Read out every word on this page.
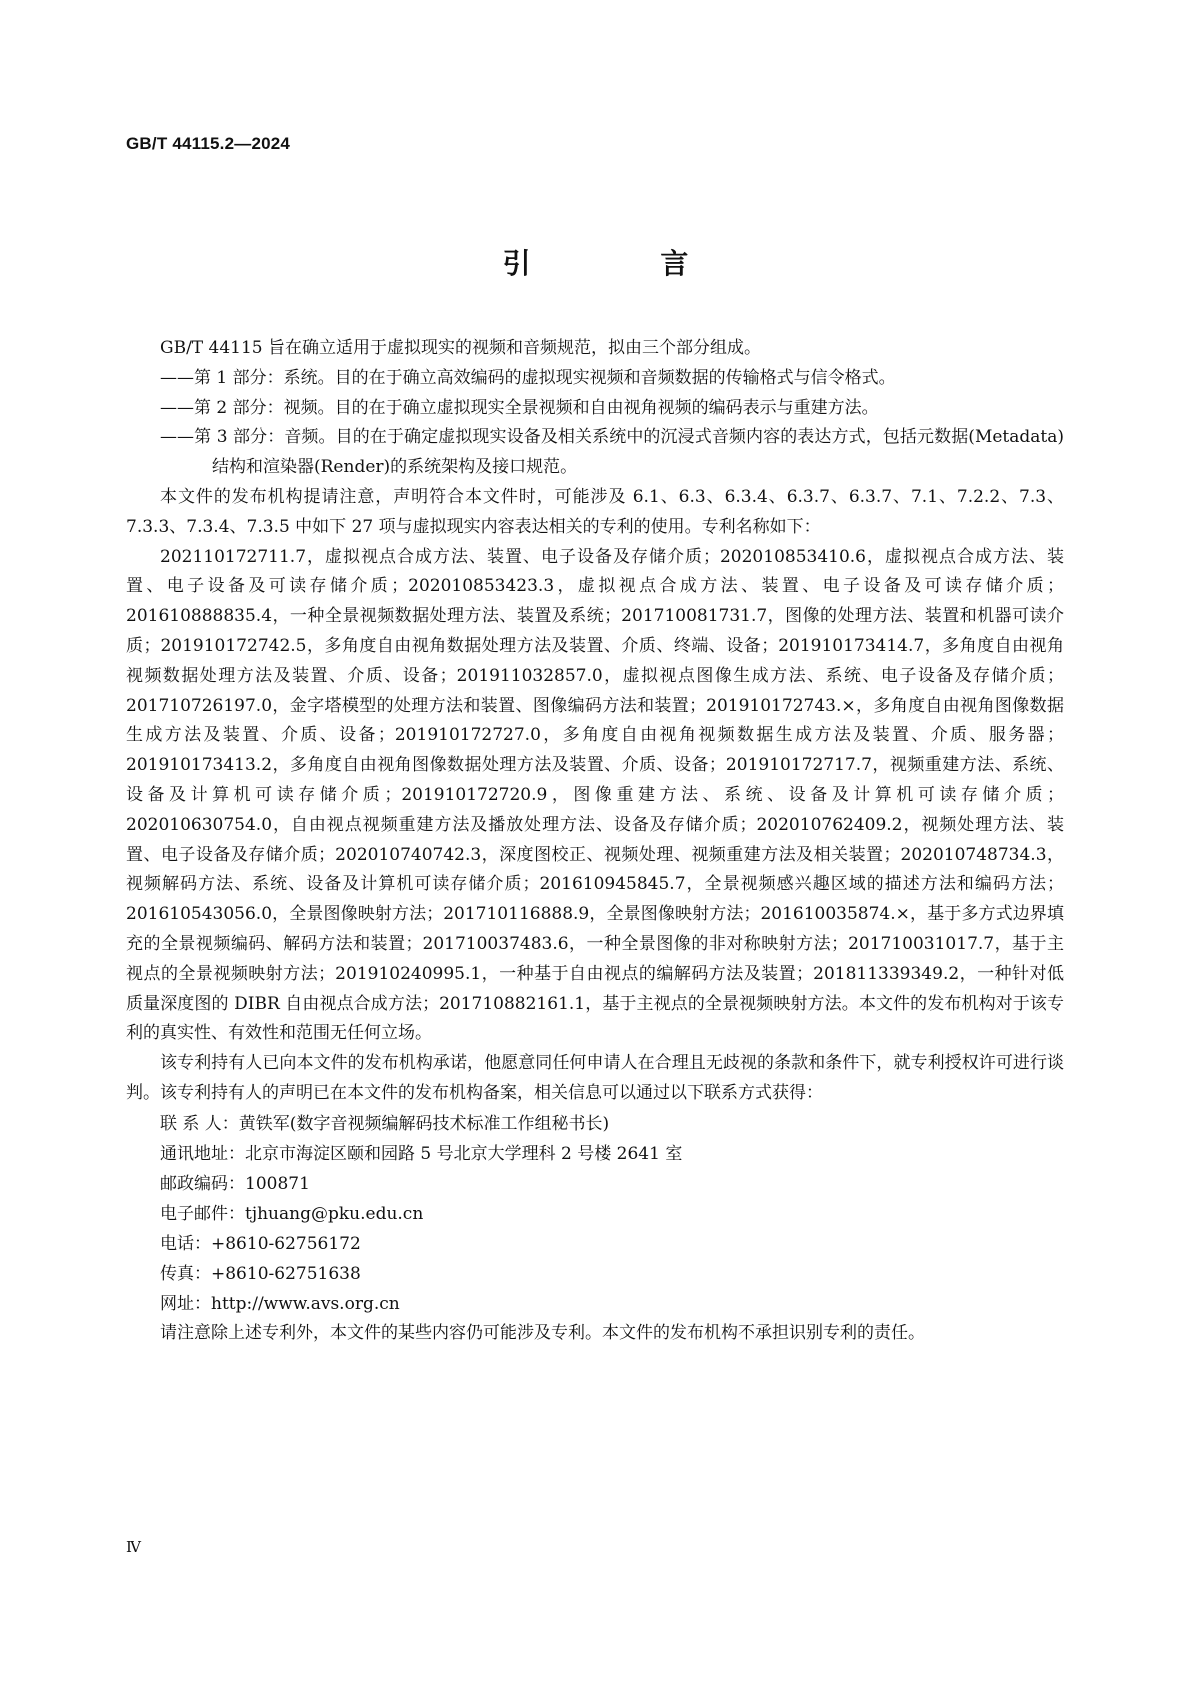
GB/T 44115.2—2024
引 言

GB/T 44115 旨在确立适用于虚拟现实的视频和音频规范，拟由三个部分组成。

——第 1 部分：系统。目的在于确立高效编码的虚拟现实视频和音频数据的传输格式与信令格式。

——第 2 部分：视频。目的在于确立虚拟现实全景视频和自由视角视频的编码表示与重建方法。

——第 3 部分：音频。目的在于确定虚拟现实设备及相关系统中的沉浸式音频内容的表达方式，包括元数据(Metadata)结构和渲染器(Render)的系统架构及接口规范。

本文件的发布机构提请注意，声明符合本文件时，可能涉及 6.1、6.3、6.3.4、6.3.7、6.3.7、7.1、7.2.2、7.3、7.3.3、7.3.4、7.3.5 中如下 27 项与虚拟现实内容表达相关的专利的使用。专利名称如下：

202110172711.7，虚拟视点合成方法、装置、电子设备及存储介质；202010853410.6，虚拟视点合成方法、装置、电子设备及可读存储介质；202010853423.3，虚拟视点合成方法、装置、电子设备及可读存储介质；201610888835.4，一种全景视频数据处理方法、装置及系统；201710081731.7，图像的处理方法、装置和机器可读介质；201910172742.5，多角度自由视角数据处理方法及装置、介质、终端、设备；201910173414.7，多角度自由视角视频数据处理方法及装置、介质、设备；201911032857.0，虚拟视点图像生成方法、系统、电子设备及存储介质；201710726197.0，金字塔模型的处理方法和装置、图像编码方法和装置；201910172743.×，多角度自由视角图像数据生成方法及装置、介质、设备；201910172727.0，多角度自由视角视频数据生成方法及装置、介质、服务器；201910173413.2，多角度自由视角图像数据处理方法及装置、介质、设备；201910172717.7，视频重建方法、系统、设备及计算机可读存储介质；201910172720.9，图像重建方法、系统、设备及计算机可读存储介质；202010630754.0，自由视点视频重建方法及播放处理方法、设备及存储介质；202010762409.2，视频处理方法、装置、电子设备及存储介质；202010740742.3，深度图校正、视频处理、视频重建方法及相关装置；202010748734.3，视频解码方法、系统、设备及计算机可读存储介质；201610945845.7，全景视频感兴趣区域的描述方法和编码方法；201610543056.0，全景图像映射方法；201710116888.9，全景图像映射方法；201610035874.×，基于多方式边界填充的全景视频编码、解码方法和装置；201710037483.6，一种全景图像的非对称映射方法；201710031017.7，基于主视点的全景视频映射方法；201910240995.1，一种基于自由视点的编解码方法及装置；201811339349.2，一种针对低质量深度图的 DIBR 自由视点合成方法；201710882161.1，基于主视点的全景视频映射方法。本文件的发布机构对于该专利的真实性、有效性和范围无任何立场。

该专利持有人已向本文件的发布机构承诺，他愿意同任何申请人在合理且无歧视的条款和条件下，就专利授权许可进行谈判。该专利持有人的声明已在本文件的发布机构备案，相关信息可以通过以下联系方式获得：

联 系 人：黄铁军(数字音视频编解码技术标准工作组秘书长)

通讯地址：北京市海淀区颐和园路 5 号北京大学理科 2 号楼 2641 室

邮政编码：100871

电子邮件：tjhuang@pku.edu.cn

电话：+8610-62756172

传真：+8610-62751638

网址：http://www.avs.org.cn

请注意除上述专利外，本文件的某些内容仍可能涉及专利。本文件的发布机构不承担识别专利的责任。

Ⅳ
